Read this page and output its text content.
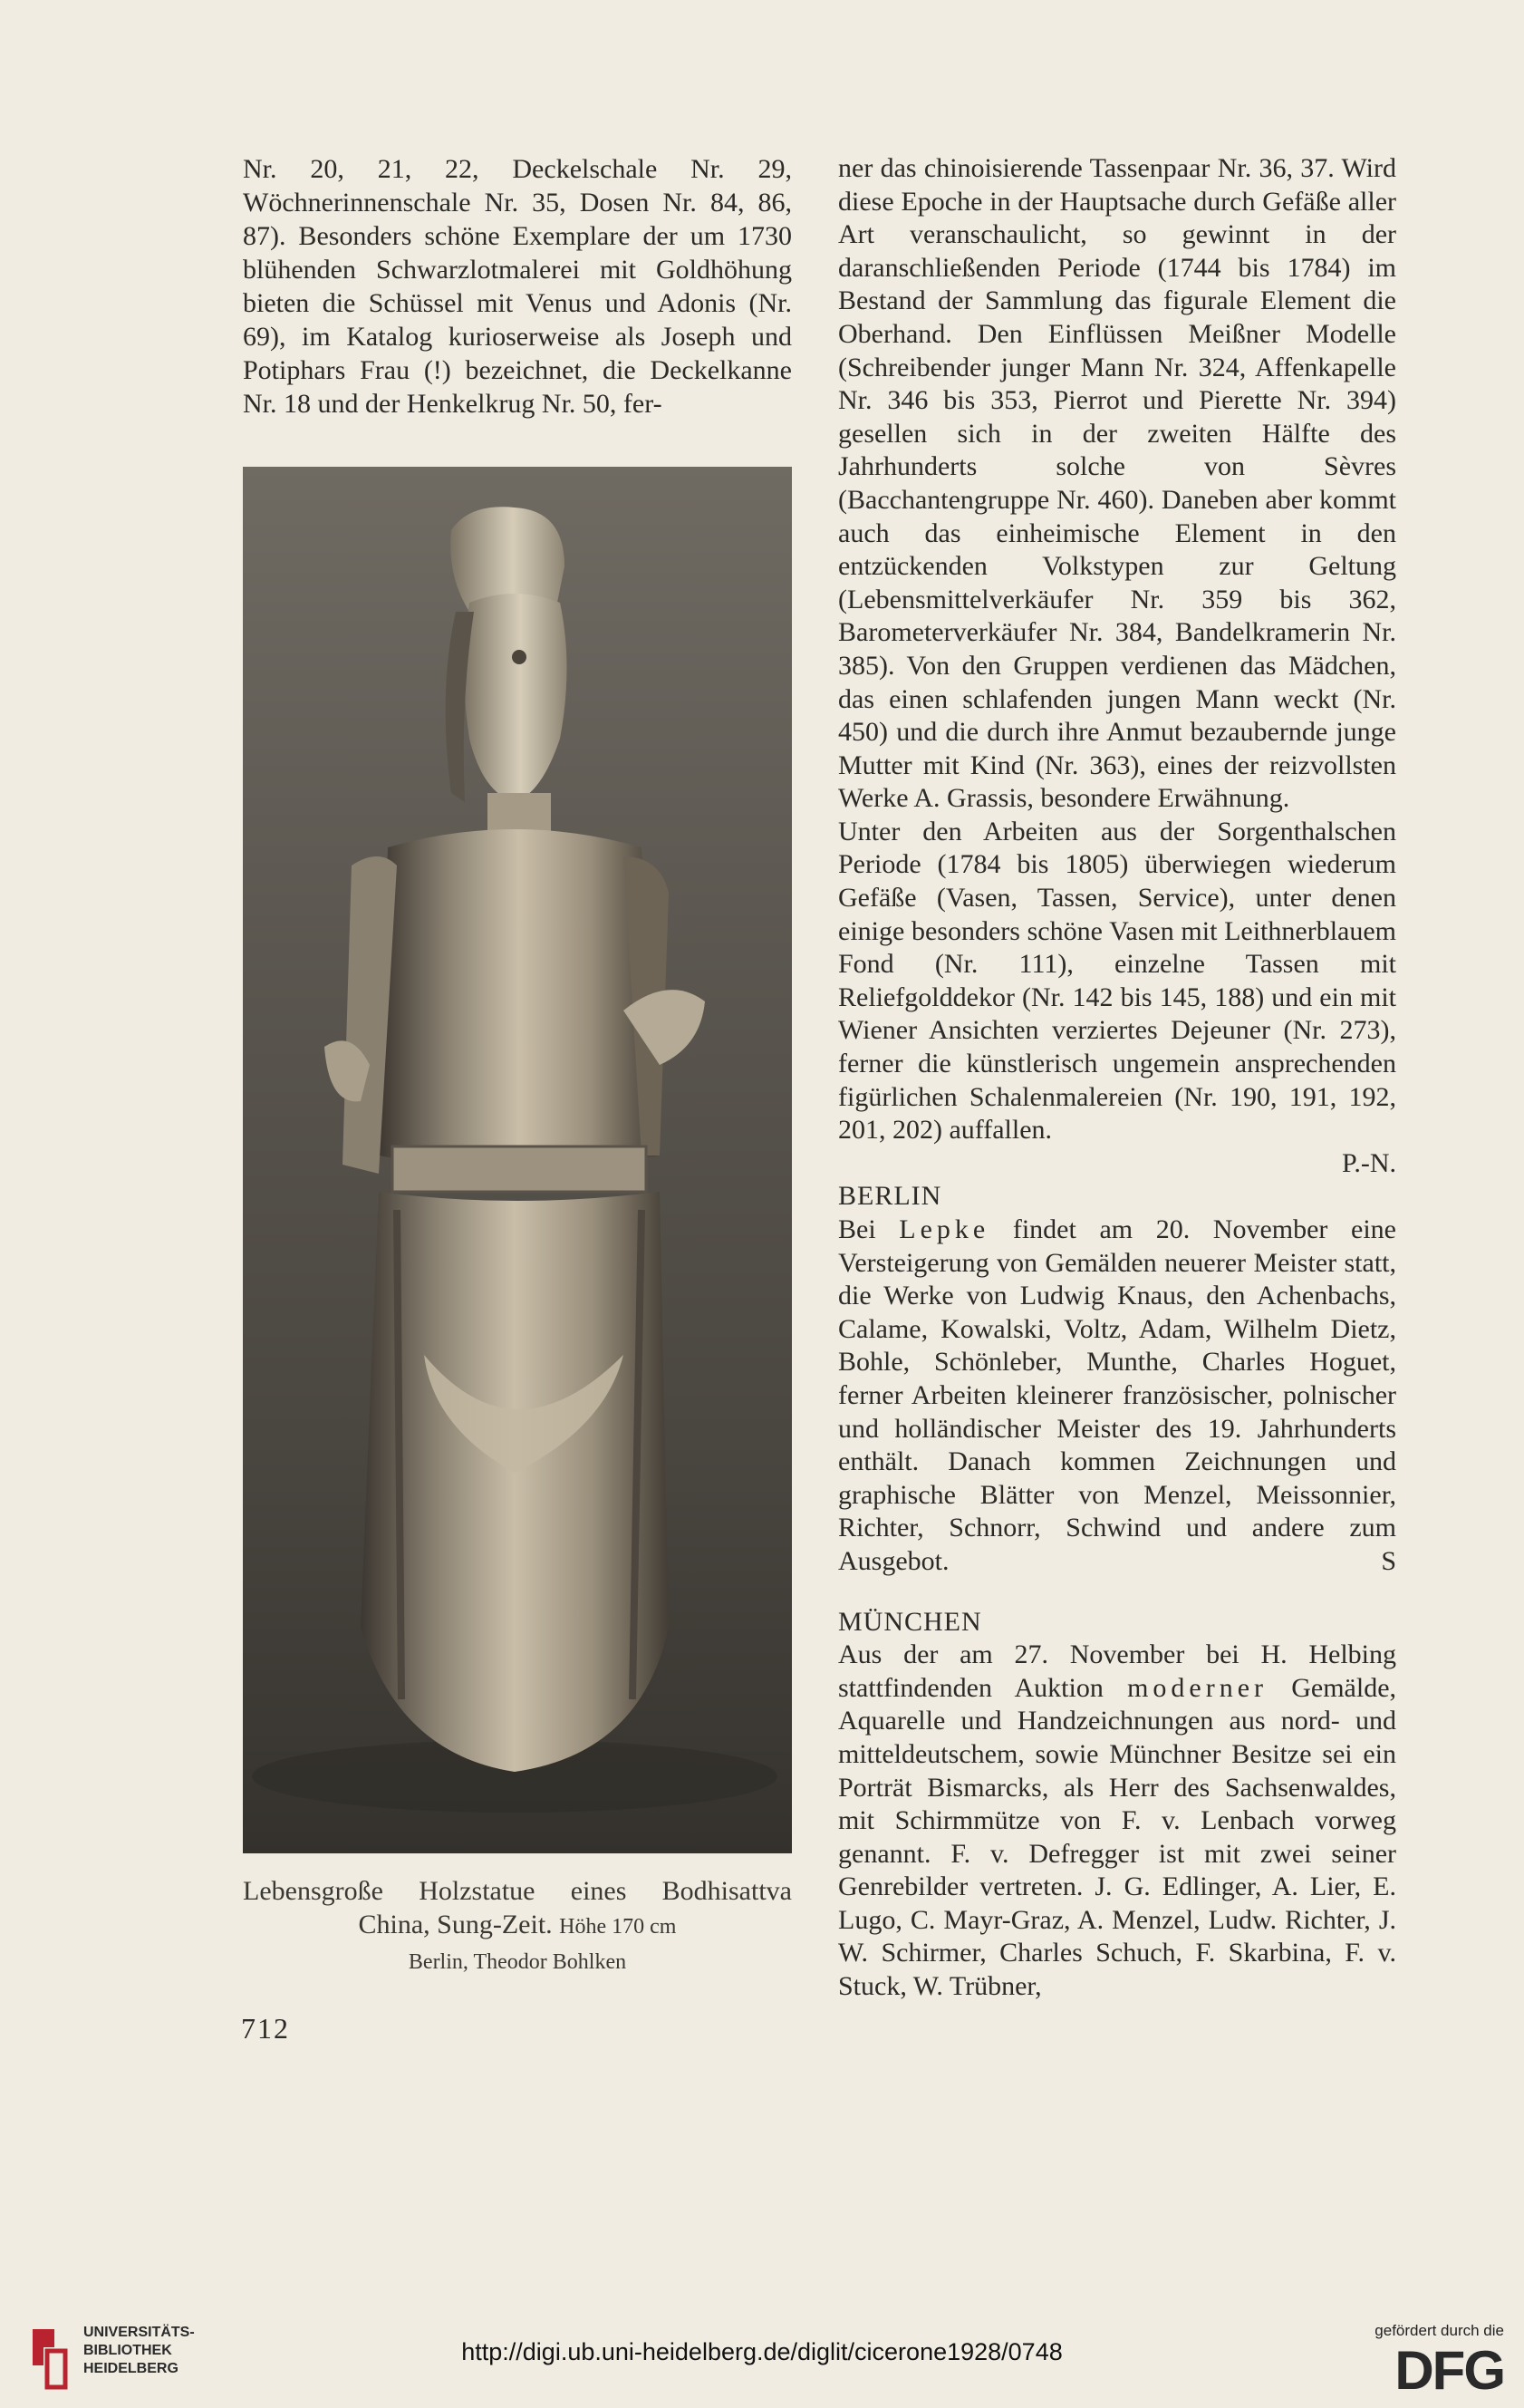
Nr. 20, 21, 22, Deckelschale Nr. 29, Wöchnerinnenschale Nr. 35, Dosen Nr. 84, 86, 87). Besonders schöne Exemplare der um 1730 blühenden Schwarzlotmalerei mit Goldhöhung bieten die Schüssel mit Venus und Adonis (Nr. 69), im Katalog kurioserweise als Joseph und Potiphars Frau (!) bezeichnet, die Deckelkanne Nr. 18 und der Henkelkrug Nr. 50, fer-

Lebensgroße Holzstatue eines Bodhisattva
China, Sung-Zeit. Höhe 170 cm
Berlin, Theodor Bohlken
712

ner das chinoisierende Tassenpaar Nr. 36, 37. Wird diese Epoche in der Hauptsache durch Gefäße aller Art veranschaulicht, so gewinnt in der daranschließenden Periode (1744 bis 1784) im Bestand der Sammlung das figurale Element die Oberhand. Den Einflüssen Meißner Modelle (Schreibender junger Mann Nr. 324, Affenkapelle Nr. 346 bis 353, Pierrot und Pierette Nr. 394) gesellen sich in der zweiten Hälfte des Jahrhunderts solche von Sèvres (Bacchantengruppe Nr. 460). Daneben aber kommt auch das einheimische Element in den entzückenden Volkstypen zur Geltung (Lebensmittelverkäufer Nr. 359 bis 362, Barometerverkäufer Nr. 384, Bandelkramerin Nr. 385). Von den Gruppen verdienen das Mädchen, das einen schlafenden jungen Mann weckt (Nr. 450) und die durch ihre Anmut bezaubernde junge Mutter mit Kind (Nr. 363), eines der reizvollsten Werke A. Grassis, besondere Erwähnung.

Unter den Arbeiten aus der Sorgenthalschen Periode (1784 bis 1805) überwiegen wiederum Gefäße (Vasen, Tassen, Service), unter denen einige besonders schöne Vasen mit Leithnerblauem Fond (Nr. 111), einzelne Tassen mit Reliefgolddekor (Nr. 142 bis 145, 188) und ein mit Wiener Ansichten verziertes Dejeuner (Nr. 273), ferner die künstlerisch ungemein ansprechenden figürlichen Schalenmalereien (Nr. 190, 191, 192, 201, 202) auffallen.

P.-N.

BERLIN

Bei Lepke findet am 20. November eine Versteigerung von Gemälden neuerer Meister statt, die Werke von Ludwig Knaus, den Achenbachs, Calame, Kowalski, Voltz, Adam, Wilhelm Dietz, Bohle, Schönleber, Munthe, Charles Hoguet, ferner Arbeiten kleinerer französischer, polnischer und holländischer Meister des 19. Jahrhunderts enthält. Danach kommen Zeichnungen und graphische Blätter von Menzel, Meissonnier, Richter, Schnorr, Schwind und andere zum Ausgebot.	S

MÜNCHEN

Aus der am 27. November bei H. Helbing stattfindenden Auktion moderner Gemälde, Aquarelle und Handzeichnungen aus nord- und mitteldeutschem, sowie Münchner Besitze sei ein Porträt Bismarcks, als Herr des Sachsenwaldes, mit Schirmmütze von F. v. Lenbach vorweg genannt. F. v. Defregger ist mit zwei seiner Genrebilder vertreten. J. G. Edlinger, A. Lier, E. Lugo, C. Mayr-Graz, A. Menzel, Ludw. Richter, J. W. Schirmer, Charles Schuch, F. Skarbina, F. v. Stuck, W. Trübner,

UNIVERSITÄTS-
BIBLIOTHEK
HEIDELBERG
http://digi.ub.uni-heidelberg.de/diglit/cicerone1928/0748
gefördert durch die
DFG
